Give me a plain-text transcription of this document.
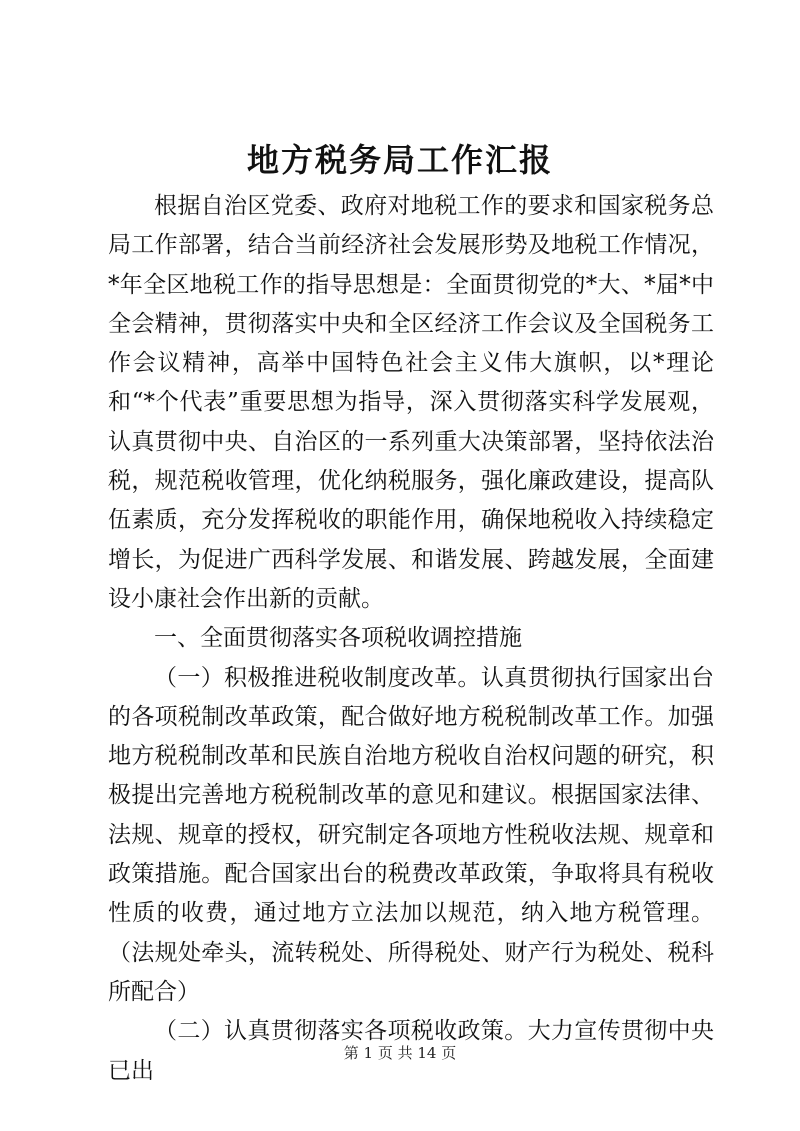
地方税务局工作汇报

根据自治区党委、政府对地税工作的要求和国家税务总局工作部署，结合当前经济社会发展形势及地税工作情况，*年全区地税工作的指导思想是：全面贯彻党的*大、*届*中全会精神，贯彻落实中央和全区经济工作会议及全国税务工作会议精神，高举中国特色社会主义伟大旗帜，以*理论和“*个代表”重要思想为指导，深入贯彻落实科学发展观，认真贯彻中央、自治区的一系列重大决策部署，坚持依法治税，规范税收管理，优化纳税服务，强化廉政建设，提高队伍素质，充分发挥税收的职能作用，确保地税收入持续稳定增长，为促进广西科学发展、和谐发展、跨越发展，全面建设小康社会作出新的贡献。

一、全面贯彻落实各项税收调控措施

（一）积极推进税收制度改革。认真贯彻执行国家出台的各项税制改革政策，配合做好地方税税制改革工作。加强地方税税制改革和民族自治地方税收自治权问题的研究，积极提出完善地方税税制改革的意见和建议。根据国家法律、法规、规章的授权，研究制定各项地方性税收法规、规章和政策措施。配合国家出台的税费改革政策，争取将具有税收性质的收费，通过地方立法加以规范，纳入地方税管理。（法规处牵头，流转税处、所得税处、财产行为税处、税科所配合）

（二）认真贯彻落实各项税收政策。大力宣传贯彻中央已出

第 1 页 共 14 页
